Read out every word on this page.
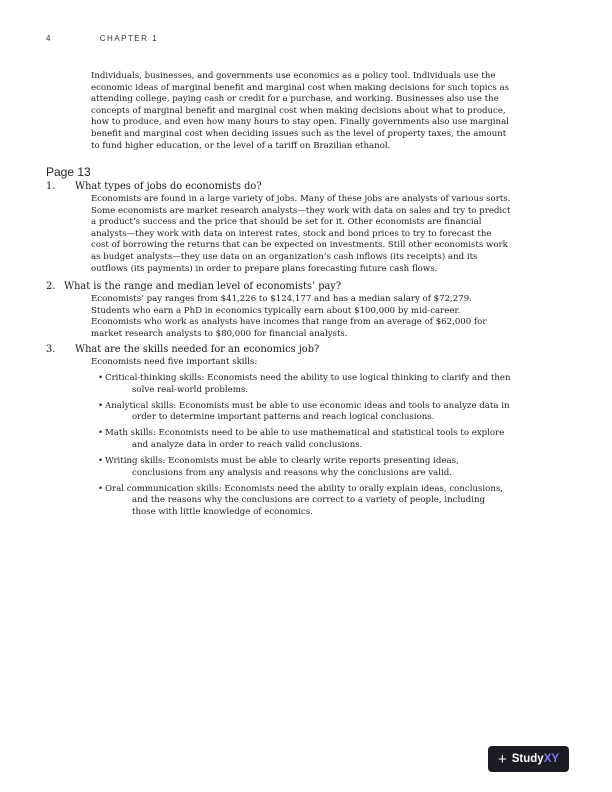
4	CHAPTER 1

Individuals, businesses, and governments use economics as a policy tool. Individuals use the economic ideas of marginal benefit and marginal cost when making decisions for such topics as attending college, paying cash or credit for a purchase, and working. Businesses also use the concepts of marginal benefit and marginal cost when making decisions about what to produce, how to produce, and even how many hours to stay open. Finally governments also use marginal benefit and marginal cost when deciding issues such as the level of property taxes, the amount to fund higher education, or the level of a tariff on Brazilian ethanol.

Page 13
1. What types of jobs do economists do?

Economists are found in a large variety of jobs. Many of these jobs are analysts of various sorts. Some economists are market research analysts—they work with data on sales and try to predict a product’s success and the price that should be set for it. Other economists are financial analysts—they work with data on interest rates, stock and bond prices to try to forecast the cost of borrowing the returns that can be expected on investments. Still other economists work as budget analysts—they use data on an organization’s cash inflows (its receipts) and its outflows (its payments) in order to prepare plans forecasting future cash flows.

2. What is the range and median level of economists’ pay?

Economists’ pay ranges from $41,226 to $124,177 and has a median salary of $72,279. Students who earn a PhD in economics typically earn about $100,000 by mid-career. Economists who work as analysts have incomes that range from an average of $62,000 for market research analysts to $80,000 for financial analysts.

3. What are the skills needed for an economics job?

Economists need five important skills:

• Critical-thinking skills: Economists need the ability to use logical thinking to clarify and then solve real-world problems.
• Analytical skills: Economists must be able to use economic ideas and tools to analyze data in order to determine important patterns and reach logical conclusions.
• Math skills: Economists need to be able to use mathematical and statistical tools to explore and analyze data in order to reach valid conclusions.
• Writing skills: Economists must be able to clearly write reports presenting ideas, conclusions from any analysis and reasons why the conclusions are valid.
• Oral communication skills: Economists need the ability to orally explain ideas, conclusions, and the reasons why the conclusions are correct to a variety of people, including those with little knowledge of economics.
+ Study XY
